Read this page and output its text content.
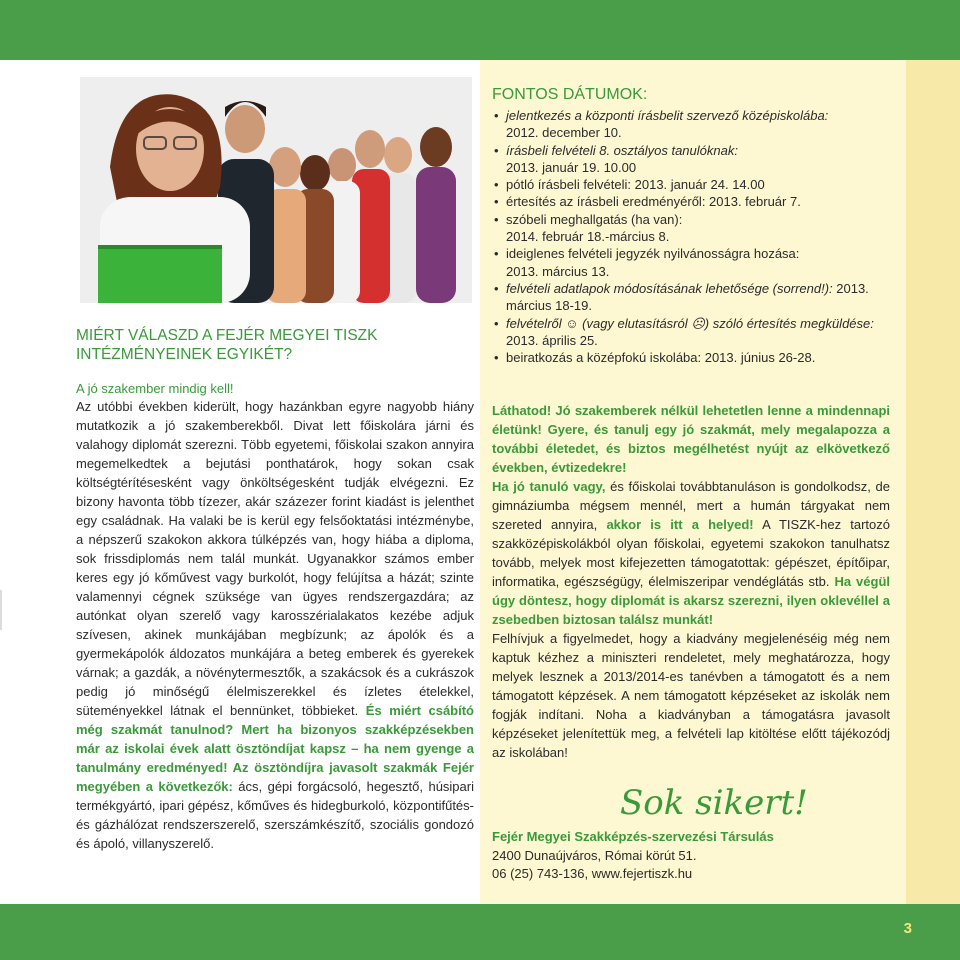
MIÉRT VÁLASZD A FEJÉR MEGYEI TISZK INTÉZMÉNYEINEK EGYIKÉT?

A jó szakember mindig kell!

Az utóbbi években kiderült, hogy hazánkban egyre nagyobb hiány mutatkozik a jó szakemberekből. Divat lett főiskolára járni és valahogy diplomát szerezni. Több egyetemi, főiskolai szakon annyira megemelkedtek a bejutási ponthatárok, hogy sokan csak költségtérítésesként vagy önköltségesként tudják elvégezni. Ez bizony havonta több tízezer, akár százezer forint kiadást is jelenthet egy családnak. Ha valaki be is kerül egy felsőoktatási intézménybe, a népszerű szakokon akkora túlképzés van, hogy hiába a diploma, sok frissdiplomás nem talál munkát. Ugyanakkor számos ember keres egy jó kőművest vagy burkolót, hogy felújítsa a házát; szinte valamennyi cégnek szüksége van ügyes rendszergazdára; az autónkat olyan szerelő vagy karosszérialakatos kezébe adjuk szívesen, akinek munkájában megbízunk; az ápolók és a gyermekápolók áldozatos munkájára a beteg emberek és gyerekek várnak; a gazdák, a növénytermesztők, a szakácsok és a cukrászok pedig jó minőségű élelmiszerekkel és ízletes ételekkel, süteményekkel látnak el bennünket, többieket. És miért csábító még szakmát tanulnod? Mert ha bizonyos szakképzésekben már az iskolai évek alatt ösztöndíjat kapsz – ha nem gyenge a tanulmány eredményed! Az ösztöndíjra javasolt szakmák Fejér megyében a következők: ács, gépi forgácsoló, hegesztő, húsipari termékgyártó, ipari gépész, kőműves és hidegburkoló, központifűtés- és gázhálózat rendszerszerelő, szerszámkészítő, szociális gondozó és ápoló, villanyszerelő.

FONTOS DÁTUMOK:
• jelentkezés a központi írásbelit szervező középiskolába:
2012. december 10.
• írásbeli felvételi 8. osztályos tanulóknak:
2013. január 19. 10.00
• pótló írásbeli felvételi: 2013. január 24. 14.00
• értesítés az írásbeli eredményéről: 2013. február 7.
• szóbeli meghallgatás (ha van):
2014. február 18.-március 8.
• ideiglenes felvételi jegyzék nyilvánosságra hozása:
2013. március 13.
• felvételi adatlapok módosításának lehetősége (sorrend!): 2013. március 18-19.
• felvételről ☺ (vagy elutasításról ☹) szóló értesítés megküldése: 2013. április 25.
• beiratkozás a középfokú iskolába: 2013. június 26-28.

Láthatod! Jó szakemberek nélkül lehetetlen lenne a mindennapi életünk! Gyere, és tanulj egy jó szakmát, mely megalapozza a további életedet, és biztos megélhetést nyújt az elkövetkező években, évtizedekre!

Ha jó tanuló vagy, és főiskolai továbbtanuláson is gondolkodsz, de gimnáziumba mégsem mennél, mert a humán tárgyakat nem szereted annyira, akkor is itt a helyed! A TISZK-hez tartozó szakközépiskolákból olyan főiskolai, egyetemi szakokon tanulhatsz tovább, melyek most kifejezetten támogatottak: gépészet, építőipar, informatika, egészségügy, élelmiszeripar vendéglátás stb. Ha végül úgy döntesz, hogy diplomát is akarsz szerezni, ilyen oklevéllel a zsebedben biztosan találsz munkát!

Felhívjuk a figyelmedet, hogy a kiadvány megjelenéséig még nem kaptuk kézhez a miniszteri rendeletet, mely meghatározza, hogy melyek lesznek a 2013/2014-es tanévben a támogatott és a nem támogatott képzések. A nem támogatott képzéseket az iskolák nem fogják indítani. Noha a kiadványban a támogatásra javasolt képzéseket jelenítettük meg, a felvételi lap kitöltése előtt tájékozódj az iskolában!

Sok sikert!
Fejér Megyei Szakképzés-szervezési Társulás
2400 Dunaújváros, Római körút 51.
06 (25) 743-136, www.fejertiszk.hu
3
